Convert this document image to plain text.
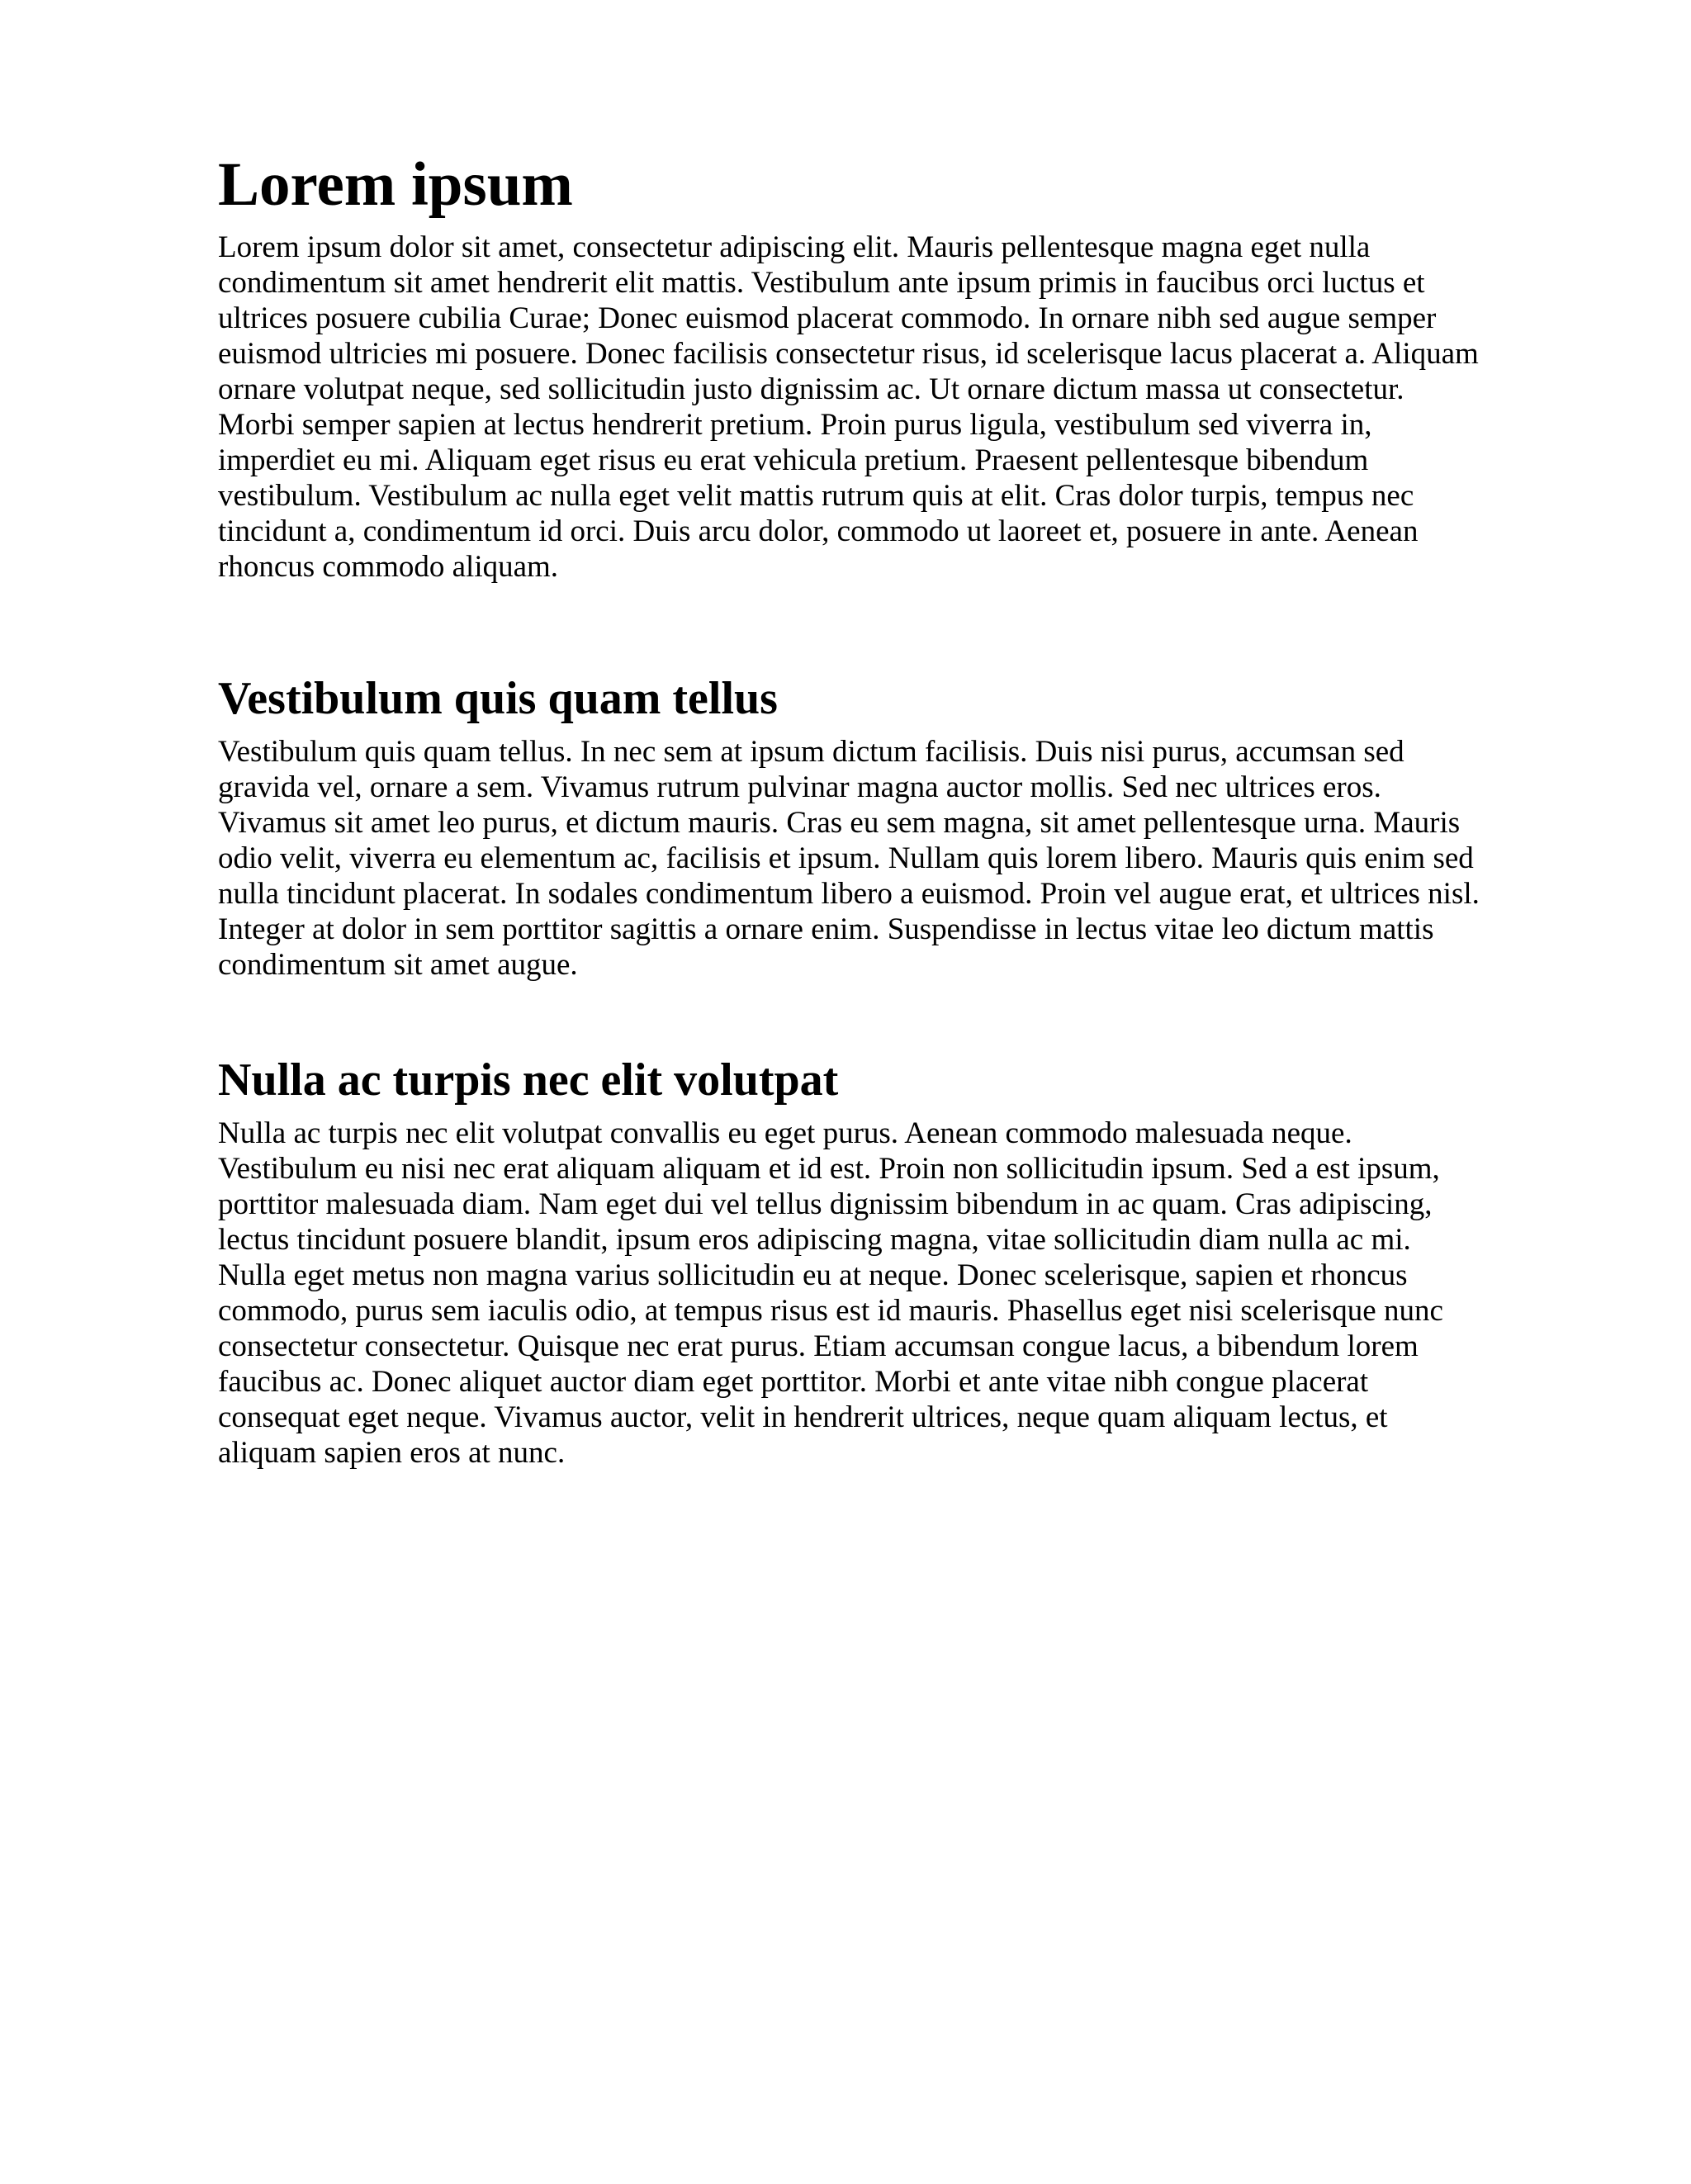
Lorem ipsum

Lorem ipsum dolor sit amet, consectetur adipiscing elit. Mauris pellentesque magna eget nulla condimentum sit amet hendrerit elit mattis. Vestibulum ante ipsum primis in faucibus orci luctus et ultrices posuere cubilia Curae; Donec euismod placerat commodo. In ornare nibh sed augue semper euismod ultricies mi posuere. Donec facilisis consectetur risus, id scelerisque lacus placerat a. Aliquam ornare volutpat neque, sed sollicitudin justo dignissim ac. Ut ornare dictum massa ut consectetur. Morbi semper sapien at lectus hendrerit pretium. Proin purus ligula, vestibulum sed viverra in, imperdiet eu mi. Aliquam eget risus eu erat vehicula pretium. Praesent pellentesque bibendum vestibulum. Vestibulum ac nulla eget velit mattis rutrum quis at elit. Cras dolor turpis, tempus nec tincidunt a, condimentum id orci. Duis arcu dolor, commodo ut laoreet et, posuere in ante. Aenean rhoncus commodo aliquam.

Vestibulum quis quam tellus

Vestibulum quis quam tellus. In nec sem at ipsum dictum facilisis. Duis nisi purus, accumsan sed gravida vel, ornare a sem. Vivamus rutrum pulvinar magna auctor mollis. Sed nec ultrices eros. Vivamus sit amet leo purus, et dictum mauris. Cras eu sem magna, sit amet pellentesque urna. Mauris odio velit, viverra eu elementum ac, facilisis et ipsum. Nullam quis lorem libero. Mauris quis enim sed nulla tincidunt placerat. In sodales condimentum libero a euismod. Proin vel augue erat, et ultrices nisl. Integer at dolor in sem porttitor sagittis a ornare enim. Suspendisse in lectus vitae leo dictum mattis condimentum sit amet augue.

Nulla ac turpis nec elit volutpat

Nulla ac turpis nec elit volutpat convallis eu eget purus. Aenean commodo malesuada neque. Vestibulum eu nisi nec erat aliquam aliquam et id est. Proin non sollicitudin ipsum. Sed a est ipsum, porttitor malesuada diam. Nam eget dui vel tellus dignissim bibendum in ac quam. Cras adipiscing, lectus tincidunt posuere blandit, ipsum eros adipiscing magna, vitae sollicitudin diam nulla ac mi. Nulla eget metus non magna varius sollicitudin eu at neque. Donec scelerisque, sapien et rhoncus commodo, purus sem iaculis odio, at tempus risus est id mauris. Phasellus eget nisi scelerisque nunc consectetur consectetur. Quisque nec erat purus. Etiam accumsan congue lacus, a bibendum lorem faucibus ac. Donec aliquet auctor diam eget porttitor. Morbi et ante vitae nibh congue placerat consequat eget neque. Vivamus auctor, velit in hendrerit ultrices, neque quam aliquam lectus, et aliquam sapien eros at nunc.
